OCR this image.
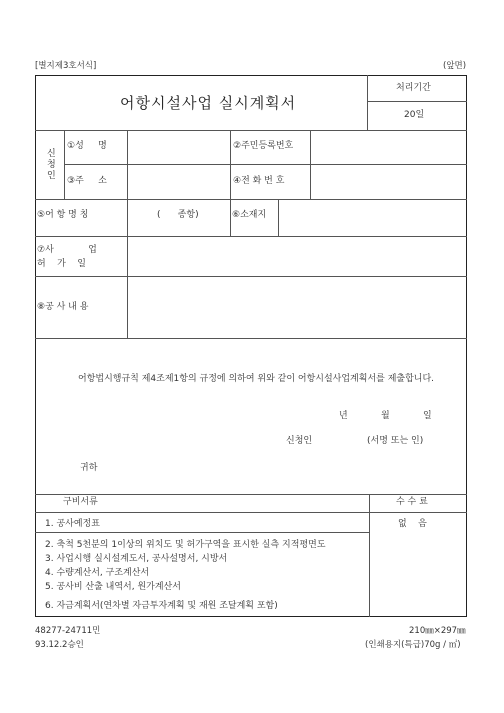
[별지제3호서식]	(앞면)
어항시설사업 실시계획서
처리기간
20일
신
청
인
①성     명	②주민등록번호
③주     소	④전 화 번 호
⑤어 항 명 칭	(      종항)	⑥소재지
⑦사            업
허    가    일
⑧공 사 내 용
어항법시행규칙 제4조제1항의 규정에 의하여 위와 같이 어항시설사업계획서를 제출합니다.
년	월	일
신청인	(서명 또는 인)
귀하
구비서류	수 수 료
없    음
1. 공사예정표
2. 축척 5천분의 1이상의 위치도 및 허가구역을 표시한 실측 지적평면도
3. 사업시행 실시설계도서, 공사설명서, 시방서
4. 수량계산서, 구조계산서
5. 공사비 산출 내역서, 원가계산서
6. 자금계획서(연차별 자금투자계획 및 재원 조달계획 포함)
48277-24711민
93.12.2승인
210㎜×297㎜
(인쇄용지(특급)70g / ㎡)
